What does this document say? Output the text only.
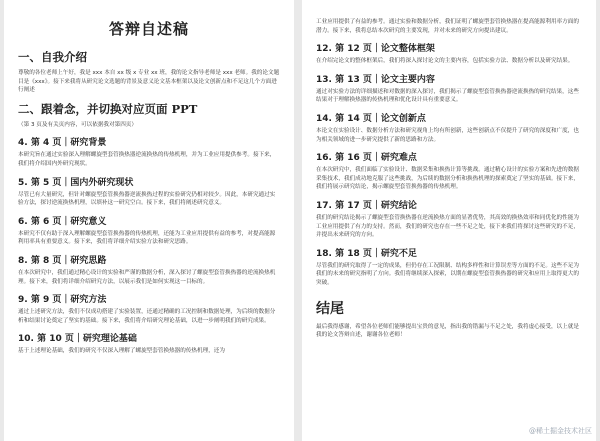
答辩自述稿
一、自我介绍
尊敬的各位老师上午好，我是 xxx 本自 xx 级 x 专业 xx 班，我的论文指导老师是 xxx 老师。我的论文题目是《xxx》。接下来我将从研究论文选题的背景及意义论文基本框架以及论文创新点和不足这几个方面进行阐述
二、跟着念，并切换对应页面 PPT
（第 3 页及有关页内容，可以依据我对第四页）
4. 第 4 页｜研究背景
本研究旨在通过实验深入理解螺旋型套管换热器逆流换热的传热机理，并为工业应用提供参考。接下来，我们将介绍国内外研究现状。
5. 第 5 页｜国内外研究现状
尽管已有大量研究，但针对螺旋型套管换热器逆流换热过程的实验研究仍相对较少。因此，本研究通过实验方法，探讨逆流换热机理，以填补这一研究空白。接下来，我们将阐述研究意义。
6. 第 6 页｜研究意义
本研究不仅有助于深入理解螺旋型套管换热器的传热机理，还能为工业应用提供有益的参考，对提高能源利用率具有重要意义。接下来，我们将详细介绍实验方法和研究思路。
8. 第 8 页｜研究思路
在本次研究中，我们通过精心设计的实验和严谨的数据分析，深入探讨了螺旋型套管换热器的逆流换热机理。接下来，我们将详细介绍研究方法，以展示我们是如何实现这一目标的。
9. 第 9 页｜研究方法
通过上述研究方法，我们不仅成功搭建了实验装置，还通过精确的工况控制和数据处理，为后续的数据分析和结果讨论奠定了坚实的基础。接下来，我们将介绍研究理论基础，以进一步阐明我们的研究成果。
10. 第 10 页｜研究理论基础
基于上述理论基础，我们的研究不仅深入理解了螺旋型套管换热器的传热机理，还为
工业应用提供了有益的参考。通过实验和数据分析，我们证明了螺旋型套管换热器在提高能源利用率方面的潜力。接下来，我将总结本次研究的主要发现，并对未来的研究方向提出建议。
12. 第 12 页｜论文整体框架
在介绍完论文的整体框架后，我们将深入探讨论文的主要内容，包括实验方法、数据分析以及研究结果。
13. 第 13 页｜论文主要内容
通过对实验方法的详细描述和对数据的深入探讨，我们揭示了螺旋型套管换热器逆流换热的研究结果，这些结果对于理解换热器的传热机理和优化设计具有重要意义。
14. 第 14 页｜论文创新点
本论文在实验设计、数据分析方法和研究视角上均有所创新，这些创新点不仅提升了研究的深度和广度，也为相关领域的进一步研究提供了新的思路和方法。
16. 第 16 页｜研究难点
在本次研究中，我们面临了实验设计、数据采集和换热计算等挑战。通过精心设计的实验方案和先进的数据采集技术，我们成功地克服了这些挑战，为后续的数据分析和换热机理的探索奠定了坚实的基础。接下来，我们将展示研究结论，揭示螺旋型套管换热器的传热机理。
17. 第 17 页｜研究结论
我们的研究结论揭示了螺旋型套管换热器在逆流换热方面的显著优势，其高效的换热效率和同优化的性能为工业应用提供了有力的支持。然而，我们的研究也存在一些不足之处，接下来我们将探讨这些研究的不足，并提出未来研究的方向。
18. 第 18 页｜研究不足
尽管我们的研究取得了一定的成果，但仍存在工况限制、结构多样性和计算误差等方面的不足。这些不足为我们的未来的研究指明了方向。我们将继续深入探索，以期在螺旋型套管换热器的研究和应用上取得更大的突破。
结尾
最后我得感谢，希望各位老师们能够提出宝贵的意见，指出我的错漏与不足之处，我将虚心接受，以上就是我的论文答辩自述，谢谢各位老师！
@稀土掘金技术社区
